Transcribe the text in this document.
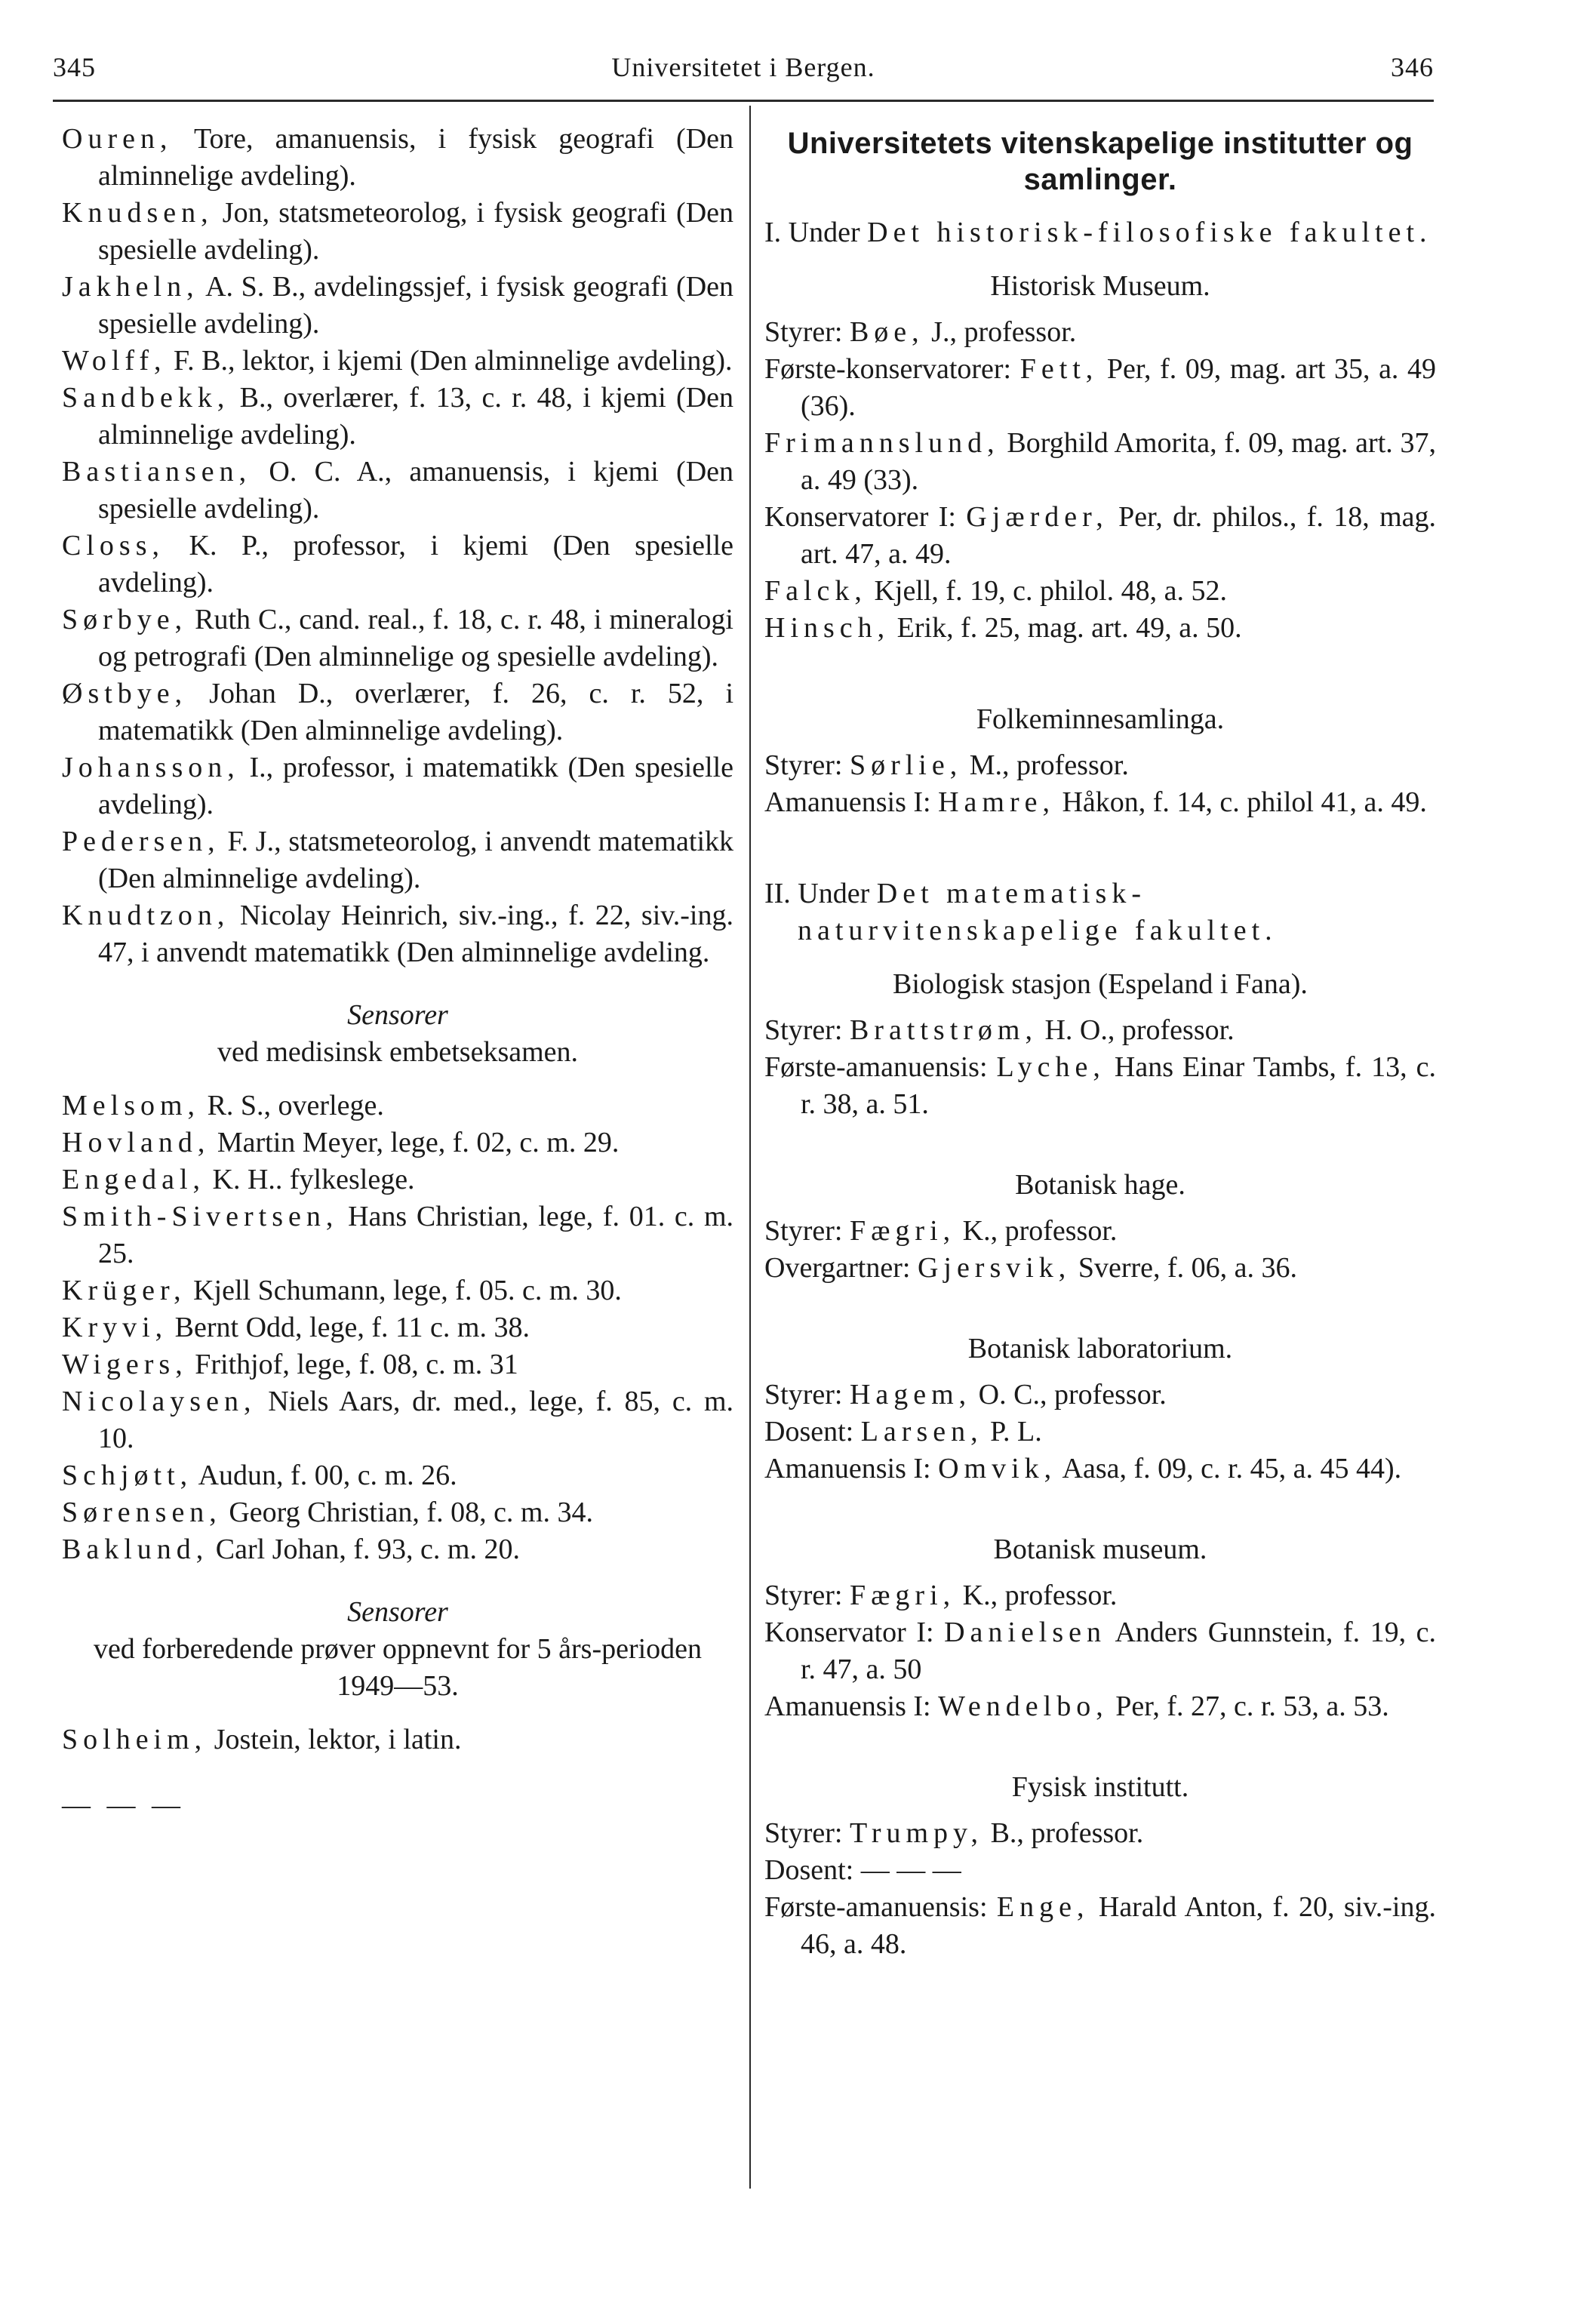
345	Universitetet i Bergen.	346

Ouren, Tore, amanuensis, i fysisk geografi (Den alminnelige avdeling).

Knudsen, Jon, statsmeteorolog, i fysisk geografi (Den spesielle avdeling).

Jakheln, A. S. B., avdelingssjef, i fysisk geografi (Den spesielle avdeling).

Wolff, F. B., lektor, i kjemi (Den alminnelige avdeling).

Sandbekk, B., overlærer, f. 13, c. r. 48, i kjemi (Den alminnelige avdeling).

Bastiansen, O. C. A., amanuensis, i kjemi (Den spesielle avdeling).

Closs, K. P., professor, i kjemi (Den spesielle avdeling).

Sørbye, Ruth C., cand. real., f. 18, c. r. 48, i mineralogi og petrografi (Den alminnelige og spesielle avdeling).

Østbye, Johan D., overlærer, f. 26, c. r. 52, i matematikk (Den alminnelige avdeling).

Johansson, I., professor, i matematikk (Den spesielle avdeling).

Pedersen, F. J., statsmeteorolog, i anvendt matematikk (Den alminnelige avdeling).

Knudtzon, Nicolay Heinrich, siv.-ing., f. 22, siv.-ing. 47, i anvendt matematikk (Den alminnelige avdeling.

Sensorer

ved medisinsk embetseksamen.

Melsom, R. S., overlege.

Hovland, Martin Meyer, lege, f. 02, c. m. 29.

Engedal, K. H.. fylkeslege.

Smith-Sivertsen, Hans Christian, lege, f. 01. c. m. 25.

Krüger, Kjell Schumann, lege, f. 05. c. m. 30.

Kryvi, Bernt Odd, lege, f. 11 c. m. 38.

Wigers, Frithjof, lege, f. 08, c. m. 31

Nicolaysen, Niels Aars, dr. med., lege, f. 85, c. m. 10.

Schjøtt, Audun, f. 00, c. m. 26.

Sørensen, Georg Christian, f. 08, c. m. 34.

Baklund, Carl Johan, f. 93, c. m. 20.

Sensorer

ved forberedende prøver oppnevnt for 5 års-perioden 1949—53.

Solheim, Jostein, lektor, i latin.

— — —

Universitetets vitenskapelige institutter og samlinger.

I. Under Det historisk-filosofiske fakultet.

Historisk Museum.

Styrer: Bøe, J., professor.

Første-konservatorer: Fett, Per, f. 09, mag. art 35, a. 49 (36).

Frimannslund, Borghild Amorita, f. 09, mag. art. 37, a. 49 (33).

Konservatorer I: Gjærder, Per, dr. philos., f. 18, mag. art. 47, a. 49.

Falck, Kjell, f. 19, c. philol. 48, a. 52.

Hinsch, Erik, f. 25, mag. art. 49, a. 50.

Folkeminnesamlinga.

Styrer: Sørlie, M., professor.

Amanuensis I: Hamre, Håkon, f. 14, c. philol 41, a. 49.

II. Under Det matematisk-naturvitenskapelige fakultet.

Biologisk stasjon (Espeland i Fana).

Styrer: Brattstrøm, H. O., professor.

Første-amanuensis: Lyche, Hans Einar Tambs, f. 13, c. r. 38, a. 51.

Botanisk hage.

Styrer: Fægri, K., professor.

Overgartner: Gjersvik, Sverre, f. 06, a. 36.

Botanisk laboratorium.

Styrer: Hagem, O. C., professor.

Dosent: Larsen, P. L.

Amanuensis I: Omvik, Aasa, f. 09, c. r. 45, a. 45 44).

Botanisk museum.

Styrer: Fægri, K., professor.

Konservator I: Danielsen Anders Gunnstein, f. 19, c. r. 47, a. 50

Amanuensis I: Wendelbo, Per, f. 27, c. r. 53, a. 53.

Fysisk institutt.

Styrer: Trumpy, B., professor.

Dosent: — — —

Første-amanuensis: Enge, Harald Anton, f. 20, siv.-ing. 46, a. 48.
